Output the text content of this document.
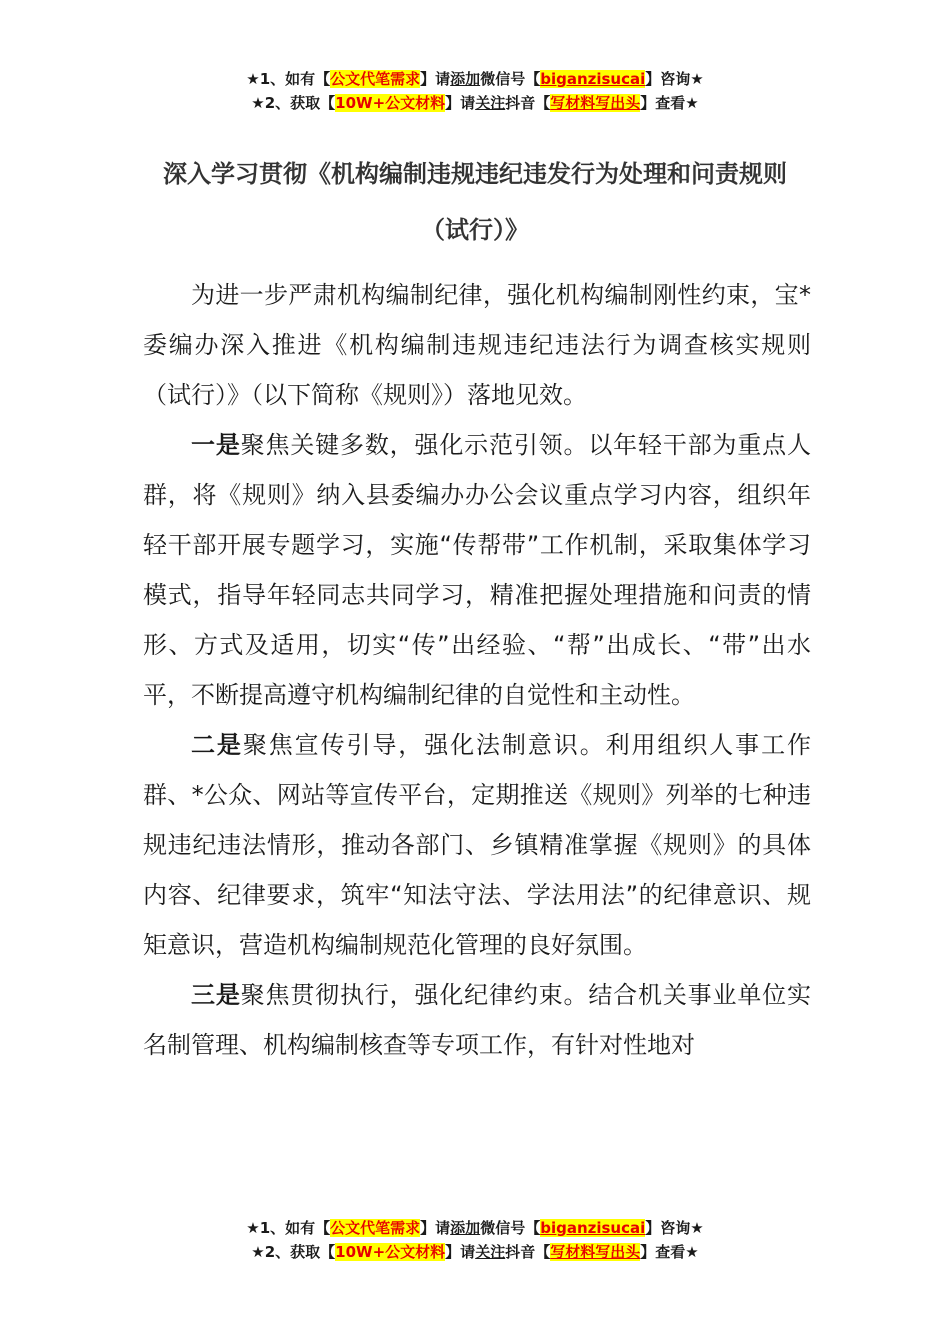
★1、如有【公文代笔需求】请添加微信号【biganzisucai】咨询★
★2、获取【10W+公文材料】请关注抖音【写材料写出头】查看★
深入学习贯彻《机构编制违规违纪违发行为处理和问责规则（试行）》

为进一步严肃机构编制纪律，强化机构编制刚性约束，宝*委编办深入推进《机构编制违规违纪违法行为调查核实规则（试行）》（以下简称《规则》）落地见效。

一是聚焦关键多数，强化示范引领。以年轻干部为重点人群，将《规则》纳入县委编办办公会议重点学习内容，组织年轻干部开展专题学习，实施“传帮带”工作机制，采取集体学习模式，指导年轻同志共同学习，精准把握处理措施和问责的情形、方式及适用，切实“传”出经验、“帮”出成长、“带”出水平，不断提高遵守机构编制纪律的自觉性和主动性。

二是聚焦宣传引导，强化法制意识。利用组织人事工作群、*公众、网站等宣传平台，定期推送《规则》列举的七种违规违纪违法情形，推动各部门、乡镇精准掌握《规则》的具体内容、纪律要求，筑牢“知法守法、学法用法”的纪律意识、规矩意识，营造机构编制规范化管理的良好氛围。

三是聚焦贯彻执行，强化纪律约束。结合机关事业单位实名制管理、机构编制核查等专项工作，有针对性地对

★1、如有【公文代笔需求】请添加微信号【biganzisucai】咨询★
★2、获取【10W+公文材料】请关注抖音【写材料写出头】查看★
